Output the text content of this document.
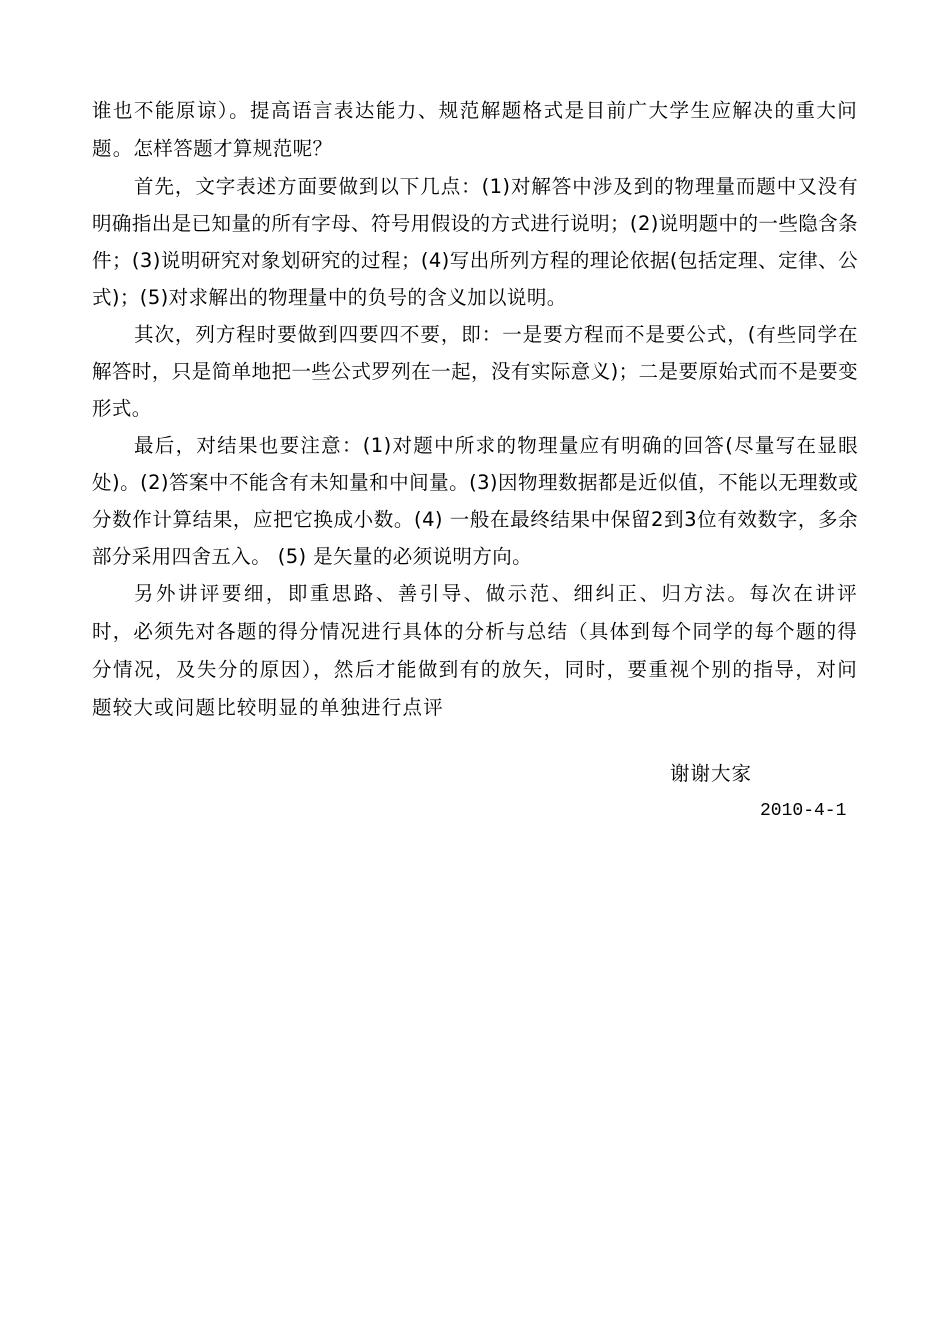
谁也不能原谅）。提高语言表达能力、规范解题格式是目前广大学生应解决的重大问题。怎样答题才算规范呢？

首先，文字表述方面要做到以下几点：(1)对解答中涉及到的物理量而题中又没有明确指出是已知量的所有字母、符号用假设的方式进行说明；(2)说明题中的一些隐含条件；(3)说明研究对象划研究的过程；(4)写出所列方程的理论依据(包括定理、定律、公式)；(5)对求解出的物理量中的负号的含义加以说明。

其次，列方程时要做到四要四不要，即：一是要方程而不是要公式，(有些同学在解答时，只是简单地把一些公式罗列在一起，没有实际意义)；二是要原始式而不是要变形式。

最后，对结果也要注意：(1)对题中所求的物理量应有明确的回答(尽量写在显眼处)。(2)答案中不能含有未知量和中间量。(3)因物理数据都是近似值，不能以无理数或分数作计算结果，应把它换成小数。(4) 一般在最终结果中保留2到3位有效数字，多余部分采用四舍五入。 (5) 是矢量的必须说明方向。

另外讲评要细，即重思路、善引导、做示范、细纠正、归方法。每次在讲评时，必须先对各题的得分情况进行具体的分析与总结（具体到每个同学的每个题的得分情况，及失分的原因），然后才能做到有的放矢，同时，要重视个别的指导，对问题较大或问题比较明显的单独进行点评

谢谢大家
2010-4-1
